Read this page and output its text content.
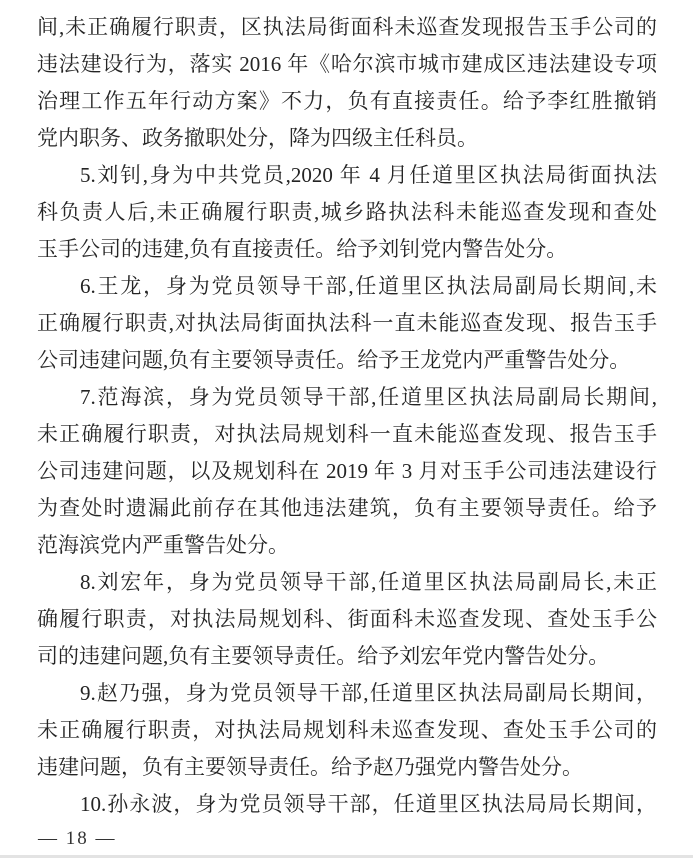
间,未正确履行职责，区执法局街面科未巡查发现报告玉手公司的
违法建设行为，落实 2016 年《哈尔滨市城市建成区违法建设专项
治理工作五年行动方案》不力，负有直接责任。给予李红胜撤销
党内职务、政务撤职处分，降为四级主任科员。
5.刘钊,身为中共党员,2020 年 4 月任道里区执法局街面执法
科负责人后,未正确履行职责,城乡路执法科未能巡查发现和查处
玉手公司的违建,负有直接责任。给予刘钊党内警告处分。
6.王龙，身为党员领导干部,任道里区执法局副局长期间,未
正确履行职责,对执法局街面执法科一直未能巡查发现、报告玉手
公司违建问题,负有主要领导责任。给予王龙党内严重警告处分。
7.范海滨，身为党员领导干部,任道里区执法局副局长期间,
未正确履行职责，对执法局规划科一直未能巡查发现、报告玉手
公司违建问题，以及规划科在 2019 年 3 月对玉手公司违法建设行
为查处时遗漏此前存在其他违法建筑，负有主要领导责任。给予
范海滨党内严重警告处分。
8.刘宏年，身为党员领导干部,任道里区执法局副局长,未正
确履行职责，对执法局规划科、街面科未巡查发现、查处玉手公
司的违建问题,负有主要领导责任。给予刘宏年党内警告处分。
9.赵乃强，身为党员领导干部,任道里区执法局副局长期间，
未正确履行职责，对执法局规划科未巡查发现、查处玉手公司的
违建问题，负有主要领导责任。给予赵乃强党内警告处分。
10.孙永波，身为党员领导干部，任道里区执法局局长期间，
— 18 —
